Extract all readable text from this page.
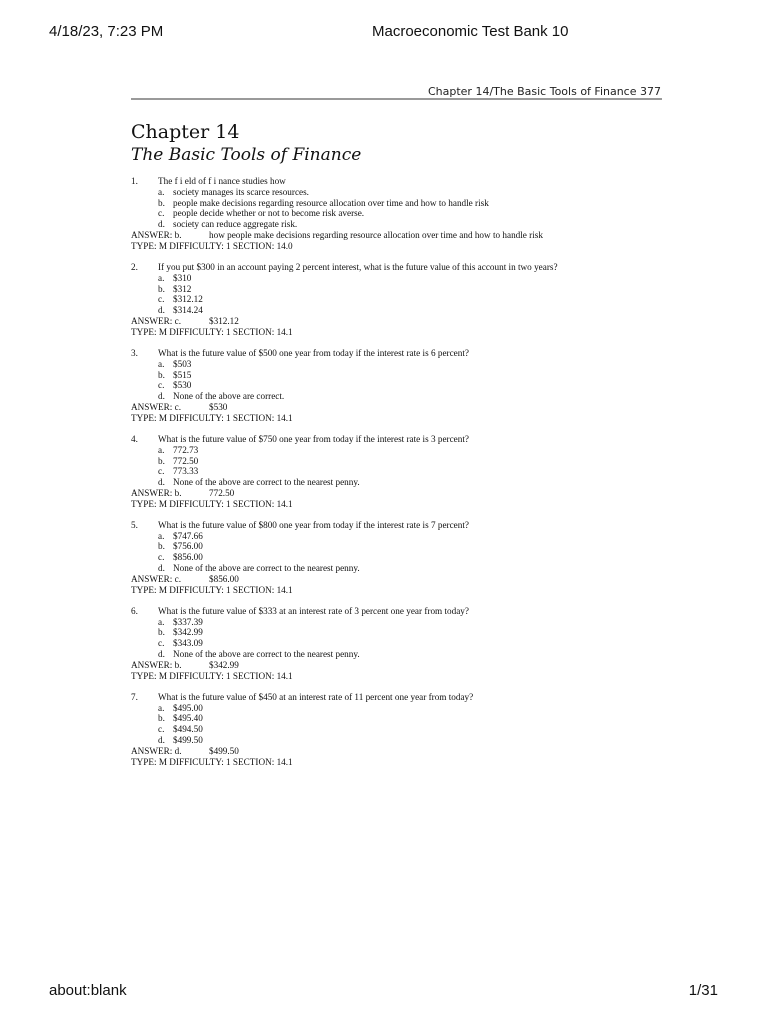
4/18/23, 7:23 PM	Macroeconomic Test Bank 10
Chapter 14/The Basic Tools of Finance 377
Chapter 14
The Basic Tools of Finance
1. The f i eld of f i nance studies how
a. society manages its scarce resources.
b. people make decisions regarding resource allocation over time and how to handle risk
c. people decide whether or not to become risk averse.
d. society can reduce aggregate risk.
ANSWER: b.	how people make decisions regarding resource allocation over time and how to handle risk
TYPE: M DIFFICULTY: 1 SECTION: 14.0
2. If you put $300 in an account paying 2 percent interest, what is the future value of this account in two years?
a. $310
b. $312
c. $312.12
d. $314.24
ANSWER: c.	$312.12
TYPE: M DIFFICULTY: 1 SECTION: 14.1
3. What is the future value of $500 one year from today if the interest rate is 6 percent?
a. $503
b. $515
c. $530
d. None of the above are correct.
ANSWER: c.	$530
TYPE: M DIFFICULTY: 1 SECTION: 14.1
4. What is the future value of $750 one year from today if the interest rate is 3 percent?
a. 772.73
b. 772.50
c. 773.33
d. None of the above are correct to the nearest penny.
ANSWER: b.	772.50
TYPE: M DIFFICULTY: 1 SECTION: 14.1
5. What is the future value of $800 one year from today if the interest rate is 7 percent?
a. $747.66
b. $756.00
c. $856.00
d. None of the above are correct to the nearest penny.
ANSWER: c.	$856.00
TYPE: M DIFFICULTY: 1 SECTION: 14.1
6. What is the future value of $333 at an interest rate of 3 percent one year from today?
a. $337.39
b. $342.99
c. $343.09
d. None of the above are correct to the nearest penny.
ANSWER: b.	$342.99
TYPE: M DIFFICULTY: 1 SECTION: 14.1
7. What is the future value of $450 at an interest rate of 11 percent one year from today?
a. $495.00
b. $495.40
c. $494.50
d. $499.50
ANSWER: d.	$499.50
TYPE: M DIFFICULTY: 1 SECTION: 14.1
about:blank	1/31
